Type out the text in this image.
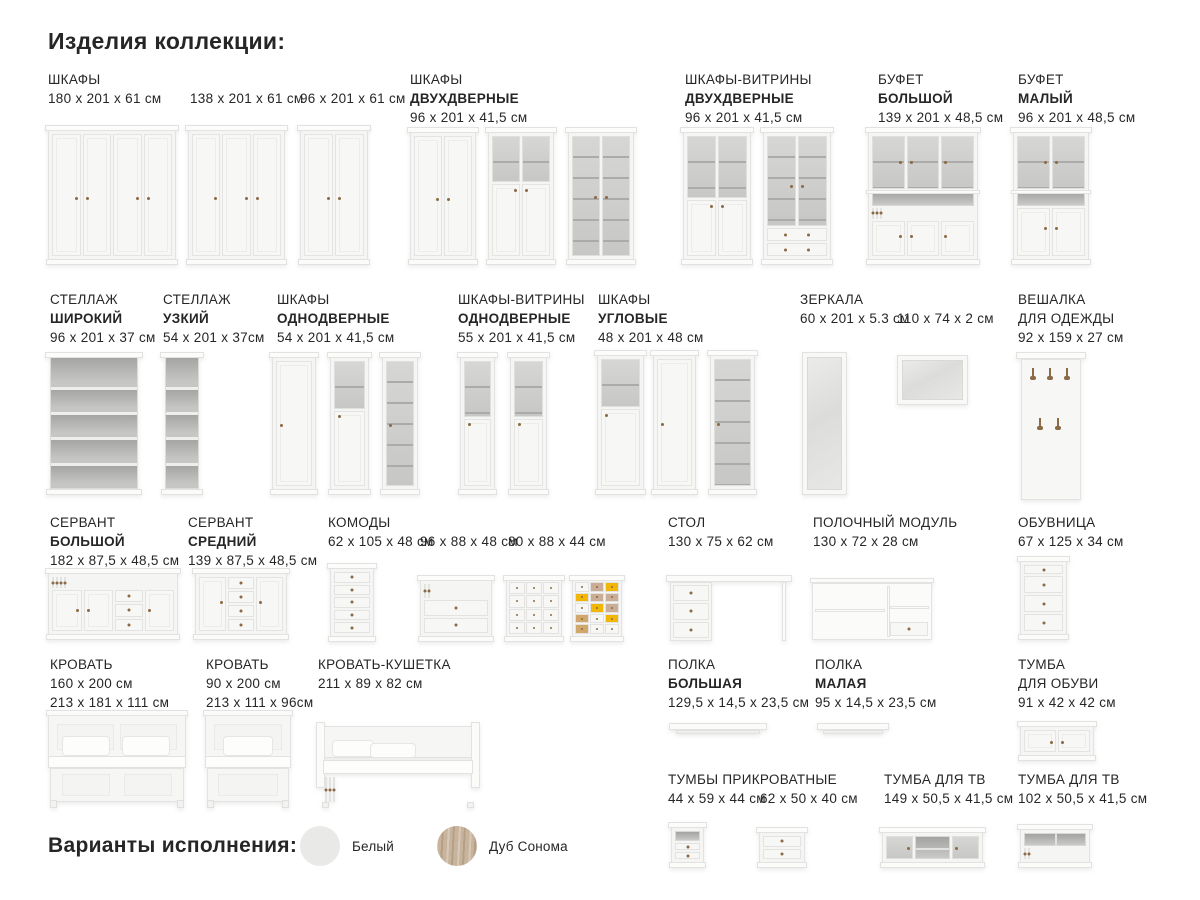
Изделия коллекции:
ШКАФЫ
180 х 201 х 61 см 138 х 201 х 61 см
96 х 201 х 61 см
ШКАФЫ
ДВУХДВЕРНЫЕ
96 х 201 х 41,5 см
ШКАФЫ-ВИТРИНЫ
ДВУХДВЕРНЫЕ
96 х 201 х 41,5 см
БУФЕТ
БОЛЬШОЙ
139 х 201 х 48,5 см
БУФЕТ
МАЛЫЙ
96 х 201 х 48,5 см
СТЕЛЛАЖ
ШИРОКИЙ
96 х 201 х 37 см
СТЕЛЛАЖ
УЗКИЙ
54 х 201 х 37см
ШКАФЫ
ОДНОДВЕРНЫЕ
54 х 201 х 41,5 см
ШКАФЫ-ВИТРИНЫ
ОДНОДВЕРНЫЕ
55 х 201 х 41,5 см
ШКАФЫ
УГЛОВЫЕ
48 х 201 х 48 см
ЗЕРКАЛА
60 х 201 х 5.3 см
110 х 74 х 2 см
ВЕШАЛКА
ДЛЯ ОДЕЖДЫ
92 х 159 х 27 см
СЕРВАНТ
БОЛЬШОЙ
182 х 87,5 х 48,5 см
СЕРВАНТ
СРЕДНИЙ
139 х 87,5 х 48,5 см
КОМОДЫ
62 х 105 х 48 см
96 х 88 х 48 см
80 х 88 х 44 см
СТОЛ
130 х 75 х 62 см
ПОЛОЧНЫЙ МОДУЛЬ
130 х 72 х 28 см
ОБУВНИЦА
67 х 125 х 34 см
КРОВАТЬ
160 х 200 см
213 х 181 х 111 см
КРОВАТЬ
90 х 200 см
213 х 111 х 96см
КРОВАТЬ-КУШЕТКА
211 х 89 х 82 см
ПОЛКА
БОЛЬШАЯ
129,5 х 14,5 х 23,5 см
ПОЛКА
МАЛАЯ
95 х 14,5 х 23,5 см
ТУМБА
ДЛЯ ОБУВИ
91 х 42 х 42 см
ТУМБЫ ПРИКРОВАТНЫЕ
44 х 59 х 44 см
62 х 50 х 40 см
ТУМБА ДЛЯ ТВ
149 х 50,5 х 41,5 см
ТУМБА ДЛЯ ТВ
102 х 50,5 х 41,5 см
Варианты исполнения:	Белый	Дуб Сонома
